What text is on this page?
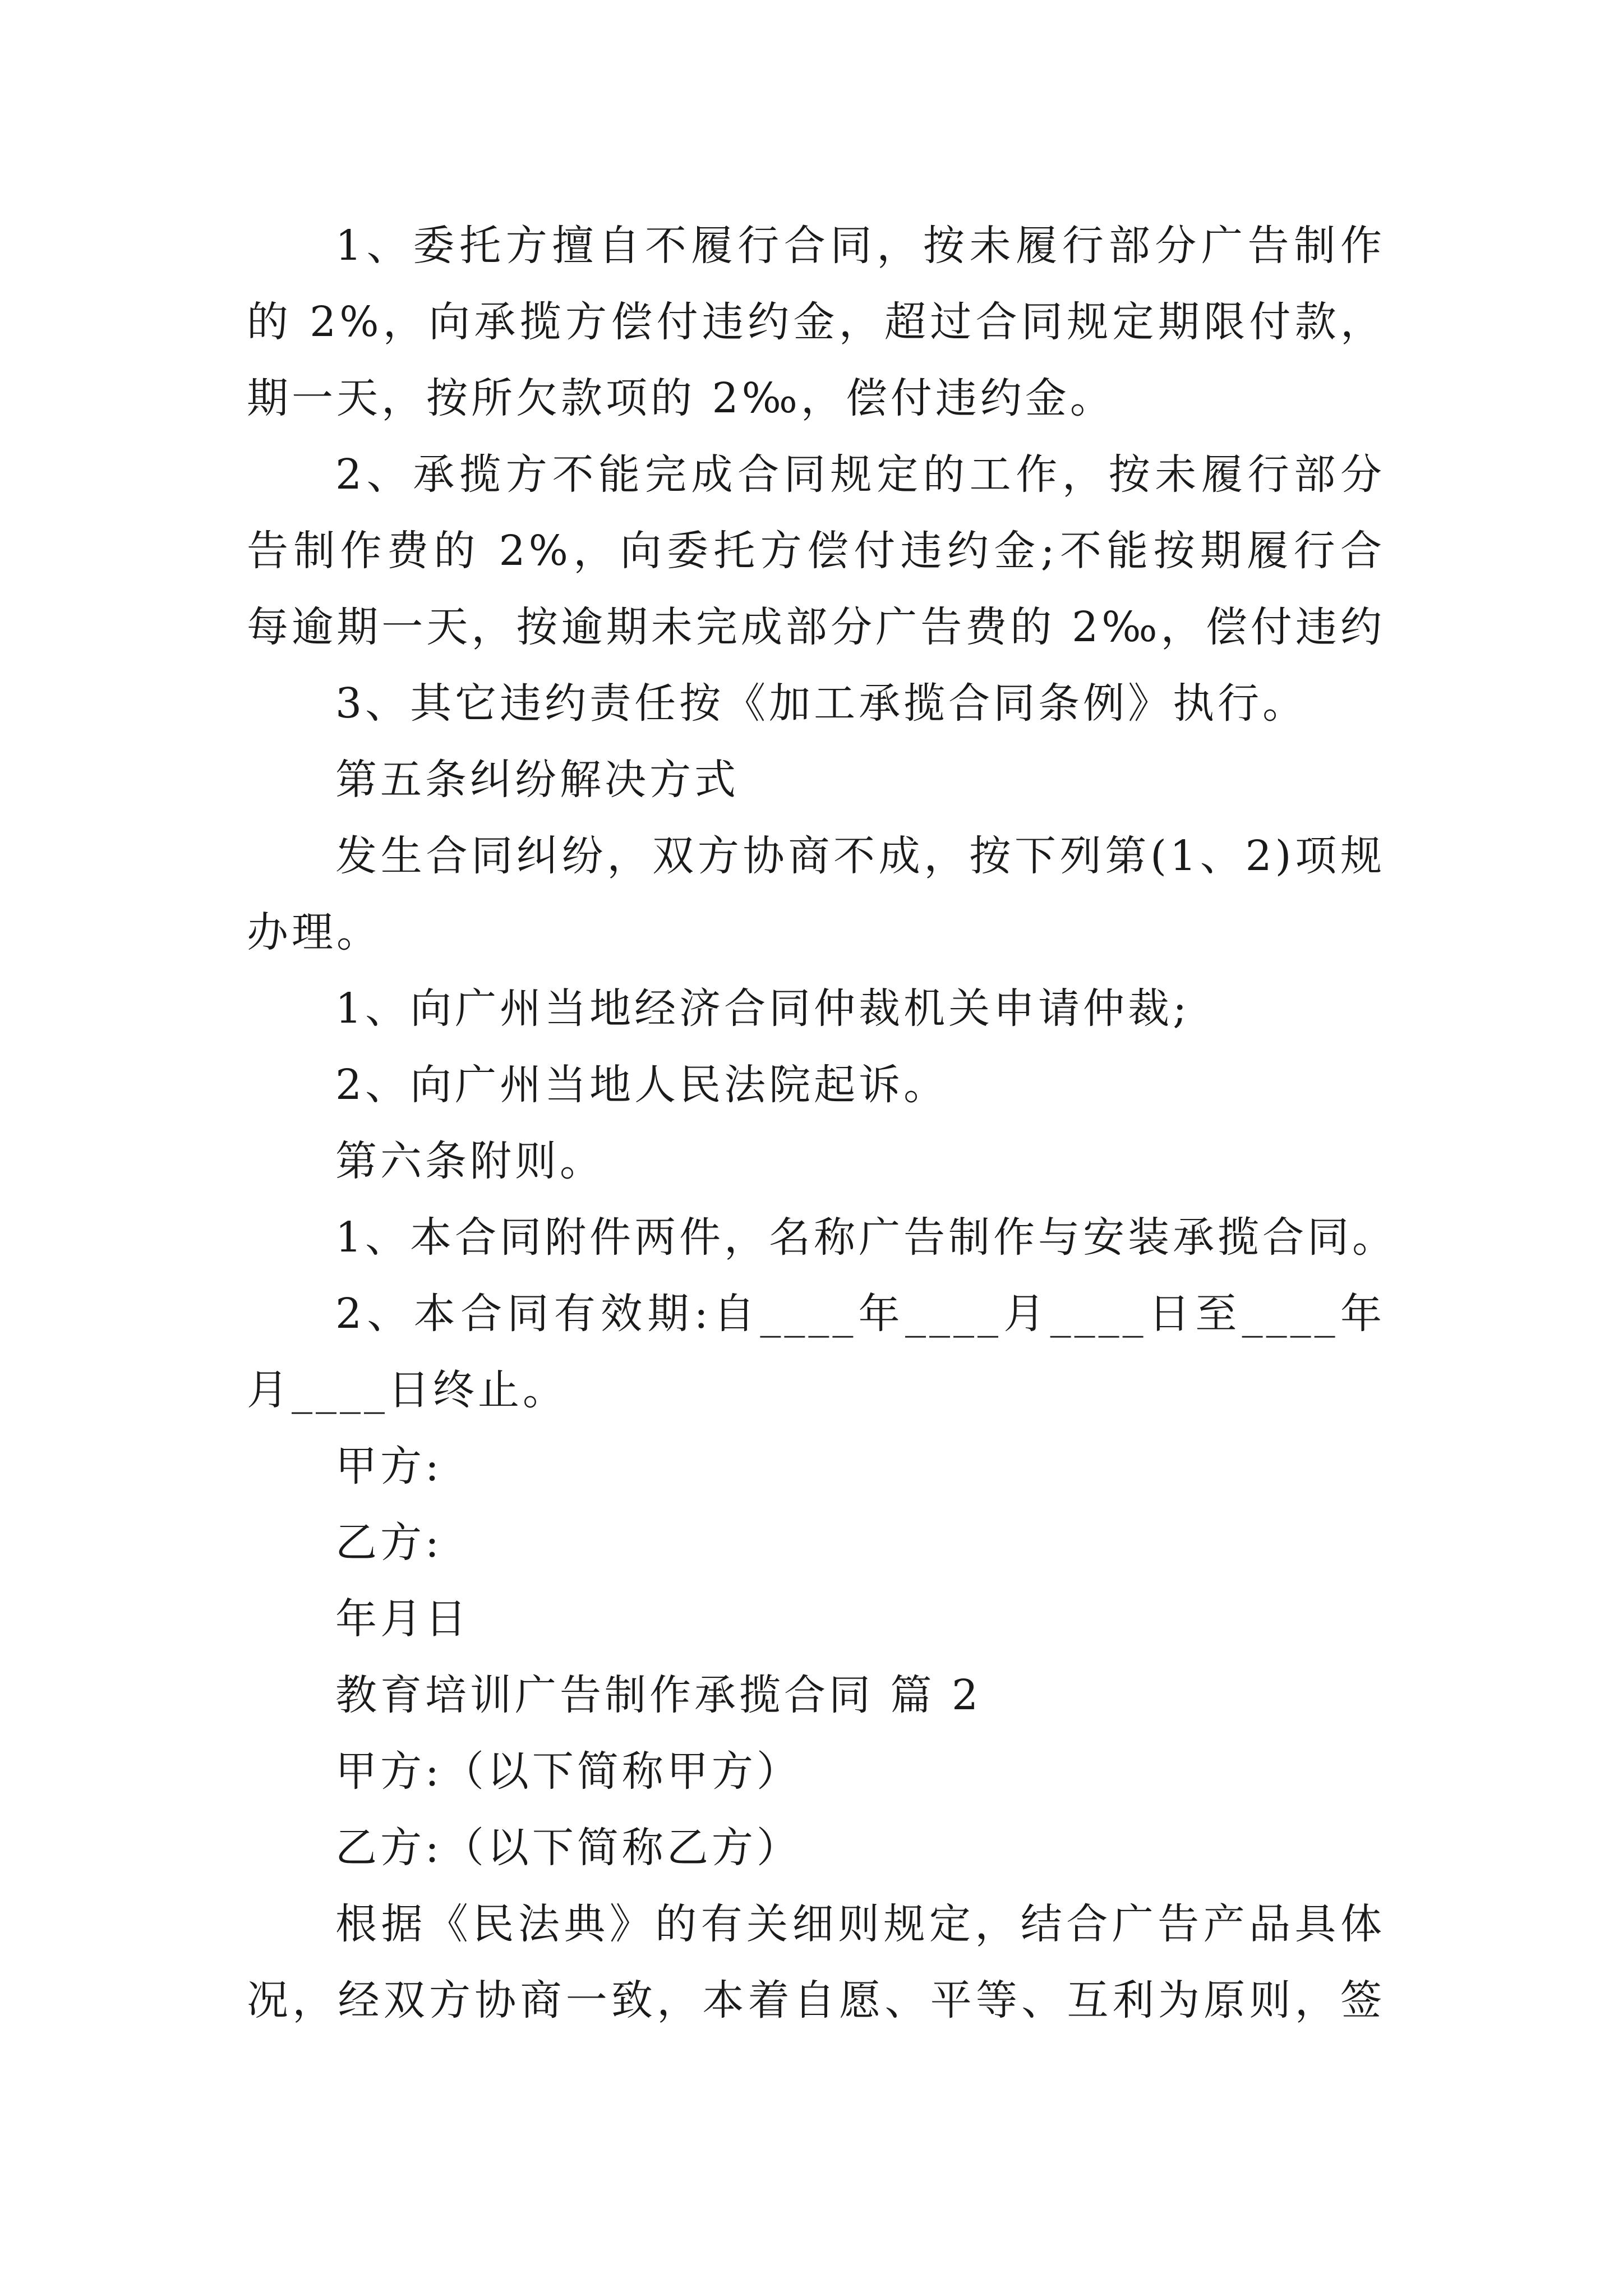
1、委托方擅自不履行合同，按未履行部分广告制作
的 2%，向承揽方偿付违约金，超过合同规定期限付款，
期一天，按所欠款项的 2‰，偿付违约金。
2、承揽方不能完成合同规定的工作，按未履行部分
告制作费的 2%，向委托方偿付违约金;不能按期履行合
每逾期一天，按逾期未完成部分广告费的 2‰，偿付违约
3、其它违约责任按《加工承揽合同条例》执行。
第五条纠纷解决方式
发生合同纠纷，双方协商不成，按下列第(1、2)项规
办理。
1、向广州当地经济合同仲裁机关申请仲裁;
2、向广州当地人民法院起诉。
第六条附则。
1、本合同附件两件，名称广告制作与安装承揽合同。
2、本合同有效期:自____年____月____日至____年
月____日终止。
甲方:
乙方:
年月日
教育培训广告制作承揽合同 篇 2
甲方:（以下简称甲方）
乙方:（以下简称乙方）
根据《民法典》的有关细则规定，结合广告产品具体
况，经双方协商一致，本着自愿、平等、互利为原则，签
